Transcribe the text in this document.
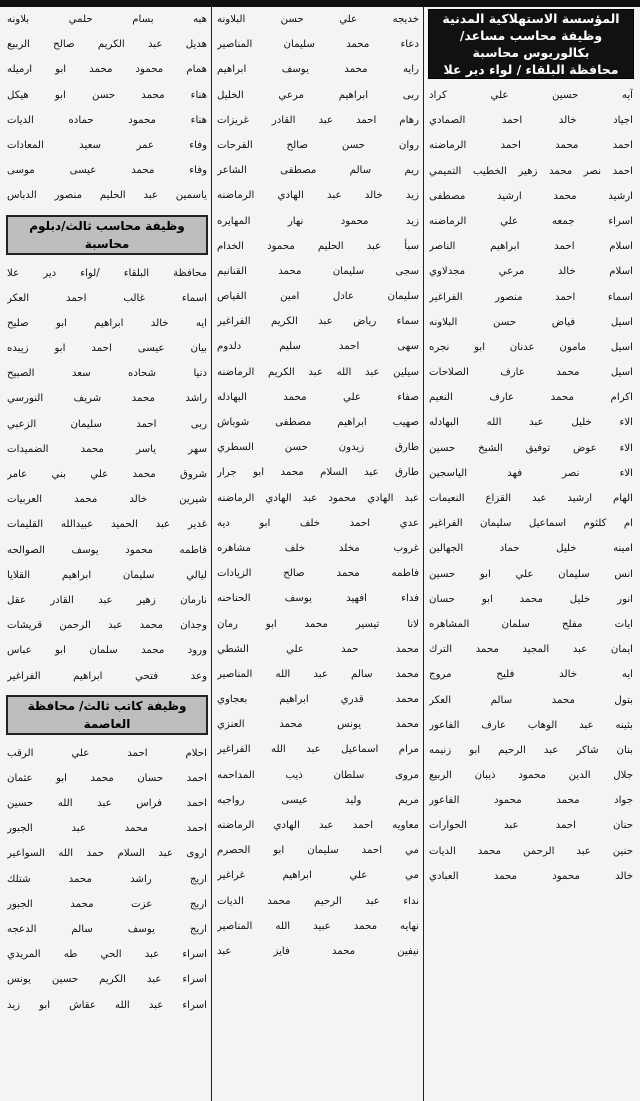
المؤسسة الاستهلاكية المدنية
وظيفة محاسب مساعد/
بكالوريوس محاسبة
محافظة البلقاء / لواء دير علا
آيه حسين علي كراد
اجياد خالد احمد الصمادي
احمد محمد احمد الرماضنه
احمد نصر محمد زهير الخطيب التميمي
ارشيد محمد ارشيد مصطفى
اسراء جمعه علي الرماضنه
اسلام احمد ابراهيم الناصر
اسلام خالد مرعي مجدلاوي
اسماء احمد منصور الفراغير
اسيل فياض حسن البلاونه
اسيل مامون عدنان ابو نجره
اسيل محمد عارف الصلاحات
اكرام محمد عارف النعيم
الاء خليل عبد الله البهادله
الاء عوض توفيق الشيخ حسين
الاء نصر فهد الياسجين
الهام ارشيد عبد القزاع النعيمات
ام كلثوم اسماعيل سليمان الفراغير
امينه خليل حماد الجهالين
انس سليمان علي ابو حسين
انور خليل محمد ابو حسان
ايات مفلح سلمان المشاهره
ايمان عبد المجيد محمد الترك
ايه خالد فليح مروج
بتول محمد سالم العكر
بثينه عبد الوهاب عارف الفاعور
بنان شاكر عبد الرحيم ابو زنيمه
جلال الدين محمود ذيبان الربيع
جواد محمد محمود الفاعور
حنان احمد عبد الحوارات
حنين عبد الرحمن محمد الديات
خالد محمود محمد العبادي
خديجه علي حسن البلاونه
دعاء محمد سليمان المناصير
رايه محمد يوسف ابراهيم
ربى ابراهيم مرعي الخليل
رهام احمد عبد القادر غريزات
روان حسن صالح الفرحات
ريم سالم مصطفى الشاعر
زيد خالد عبد الهادي الرماضنه
زيد محمود نهار المهايره
سبأ عبد الحليم محمود الخدام
سجى سليمان محمد القنانيم
سليمان عادل امين القياص
سماء رياض عبد الكريم الفراغير
سهى احمد سليم دلدوم
سيلين عبد الله عبد الكريم الرماضنه
صفاء علي محمد البهادله
صهيب ابراهيم مصطفى شوباش
طارق زيدون حسن السطري
طارق عبد السلام محمد ابو جرار
عبد الهادي محمود عبد الهادي الرماضنه
عدي احمد خلف ابو ديه
غروب مخلد خلف مشاهره
فاطمه محمد صالح الزيادات
فداء افهيد يوسف الحناحنه
لانا تيسير محمد ابو رمان
محمد حمد علي الشطي
محمد سالم عبد الله المناصير
محمد قدري ابراهيم بعجاوي
محمد يونس محمد العنزي
مرام اسماعيل عبد الله الفراغير
مروى سلطان ذيب المداحمه
مريم وليد عيسى رواجبه
معاويه احمد عبد الهادي الرماضنه
مي احمد سليمان ابو الحصرم
مي علي ابراهيم غراغير
نداء عبد الرحيم محمد الديات
نهايه محمد عبيد الله المناصير
نيفين محمد فايز عبد
هبه بسام حلمي بلاونه
هديل عبد الكريم صالح الربيع
همام محمود محمد ابو ارميله
هناء محمد حسن ابو هيكل
هناء محمود حماده الديات
وفاء عمر سعيد المعادات
وفاء محمد عيسى موسى
ياسمين عبد الحليم منصور الدباس
وظيفة محاسب ثالث/دبلوم
محاسبة
محافظة البلقاء /لواء دير علا
اسماء غالب احمد العكر
ايه خالد ابراهيم ابو صليح
بيان عيسى احمد ابو زيبده
دنيا شحاده سعد الصبيح
راشد محمد شريف النورسي
ربى احمد سليمان الزعبي
سهر ياسر محمد الضميدات
شروق محمد علي بني عامر
شيرين خالد محمد العربيات
غدير عبد الحميد عبيدالله القليمات
فاطمه محمود يوسف الصوالحه
ليالي سليمان ابراهيم القلايا
نارمان زهير عبد القادر عقل
وجدان محمد عبد الرحمن قريشات
ورود محمد سلمان ابو عباس
وعد فتحي ابراهيم الفراغير
وظيفة كاتب ثالث/ محافظة
العاصمة
احلام احمد علي الرقب
احمد حسان محمد ابو عثمان
احمد فراس عبد الله حسين
احمد محمد عبد الجبور
اروى عبد السلام حمد الله السواعير
اريج راشد محمد شتلك
اريج عزت محمد الجبور
اريج يوسف سالم الدعجه
اسراء عبد الحي طه المريدي
اسراء عبد الكريم حسين يونس
اسراء عبد الله عقاش ابو زيد
